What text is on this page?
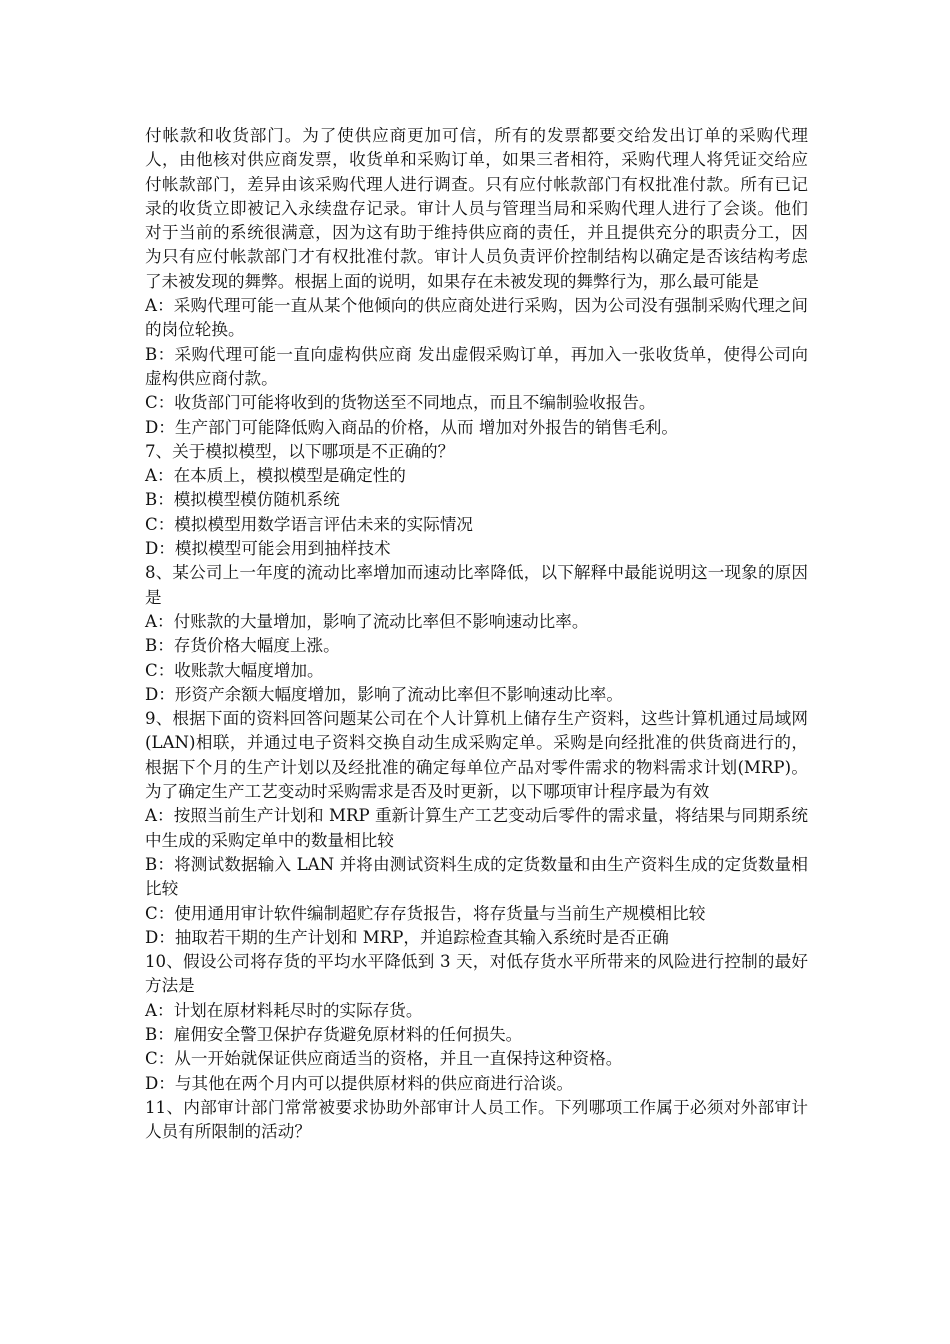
付帐款和收货部门。为了使供应商更加可信，所有的发票都要交给发出订单的采购代理人，由他核对供应商发票，收货单和采购订单，如果三者相符，采购代理人将凭证交给应付帐款部门，差异由该采购代理人进行调查。只有应付帐款部门有权批准付款。所有已记录的收货立即被记入永续盘存记录。审计人员与管理当局和采购代理人进行了会谈。他们对于当前的系统很满意，因为这有助于维持供应商的责任，并且提供充分的职责分工，因为只有应付帐款部门才有权批准付款。审计人员负责评价控制结构以确定是否该结构考虑了未被发现的舞弊。根据上面的说明，如果存在未被发现的舞弊行为，那么最可能是

A：采购代理可能一直从某个他倾向的供应商处进行采购，因为公司没有强制采购代理之间的岗位轮换。

B：采购代理可能一直向虚构供应商 发出虚假采购订单，再加入一张收货单，使得公司向虚构供应商付款。

C：收货部门可能将收到的货物送至不同地点，而且不编制验收报告。

D：生产部门可能降低购入商品的价格，从而 增加对外报告的销售毛利。

7、关于模拟模型，以下哪项是不正确的？

A：在本质上，模拟模型是确定性的

B：模拟模型模仿随机系统

C：模拟模型用数学语言评估未来的实际情况

D：模拟模型可能会用到抽样技术

8、某公司上一年度的流动比率增加而速动比率降低，以下解释中最能说明这一现象的原因是

A：付账款的大量增加，影响了流动比率但不影响速动比率。

B：存货价格大幅度上涨。

C：收账款大幅度增加。

D：形资产余额大幅度增加，影响了流动比率但不影响速动比率。

9、根据下面的资料回答问题某公司在个人计算机上储存生产资料，这些计算机通过局域网(LAN)相联，并通过电子资料交换自动生成采购定单。采购是向经批准的供货商进行的，根据下个月的生产计划以及经批准的确定每单位产品对零件需求的物料需求计划(MRP)。为了确定生产工艺变动时采购需求是否及时更新，以下哪项审计程序最为有效

A：按照当前生产计划和 MRP 重新计算生产工艺变动后零件的需求量，将结果与同期系统中生成的采购定单中的数量相比较

B：将测试数据输入 LAN 并将由测试资料生成的定货数量和由生产资料生成的定货数量相比较

C：使用通用审计软件编制超贮存存货报告，将存货量与当前生产规模相比较

D：抽取若干期的生产计划和 MRP，并追踪检查其输入系统时是否正确

10、假设公司将存货的平均水平降低到 3 天，对低存货水平所带来的风险进行控制的最好方法是

A：计划在原材料耗尽时的实际存货。

B：雇佣安全警卫保护存货避免原材料的任何损失。

C：从一开始就保证供应商适当的资格，并且一直保持这种资格。

D：与其他在两个月内可以提供原材料的供应商进行洽谈。

11、内部审计部门常常被要求协助外部审计人员工作。下列哪项工作属于必须对外部审计人员有所限制的活动？
